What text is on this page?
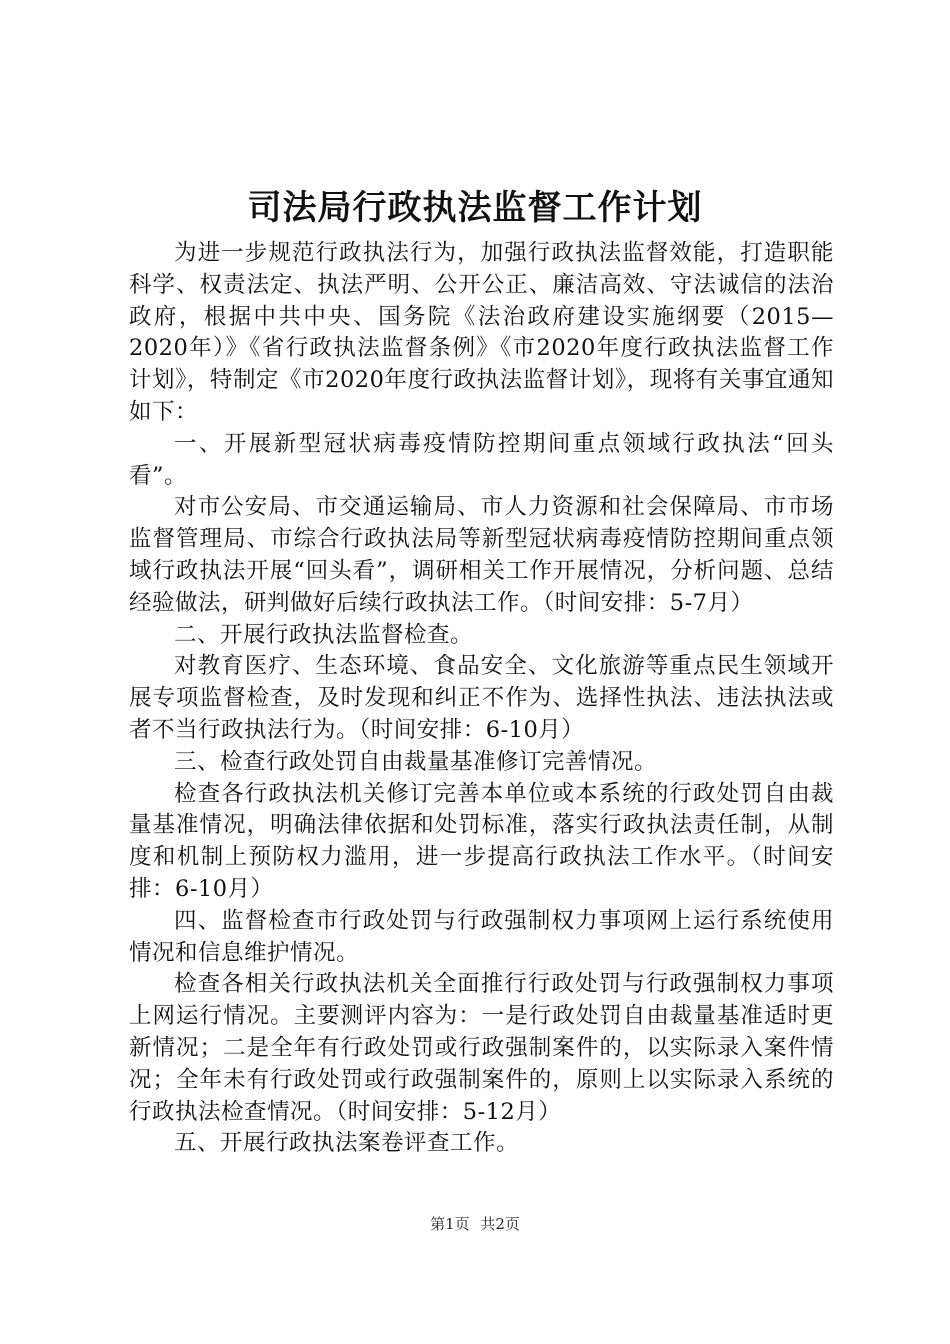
司法局行政执法监督工作计划

为进一步规范行政执法行为，加强行政执法监督效能，打造职能科学、权责法定、执法严明、公开公正、廉洁高效、守法诚信的法治政府，根据中共中央、国务院《法治政府建设实施纲要（2015—2020年）》《省行政执法监督条例》《市2020年度行政执法监督工作计划》，特制定《市2020年度行政执法监督计划》，现将有关事宜通知如下：

一、开展新型冠状病毒疫情防控期间重点领域行政执法“回头看”。

对市公安局、市交通运输局、市人力资源和社会保障局、市市场监督管理局、市综合行政执法局等新型冠状病毒疫情防控期间重点领域行政执法开展“回头看”，调研相关工作开展情况，分析问题、总结经验做法，研判做好后续行政执法工作。（时间安排：5-7月）

二、开展行政执法监督检查。

对教育医疗、生态环境、食品安全、文化旅游等重点民生领域开展专项监督检查，及时发现和纠正不作为、选择性执法、违法执法或者不当行政执法行为。（时间安排：6-10月）

三、检查行政处罚自由裁量基准修订完善情况。

检查各行政执法机关修订完善本单位或本系统的行政处罚自由裁量基准情况，明确法律依据和处罚标准，落实行政执法责任制，从制度和机制上预防权力滥用，进一步提高行政执法工作水平。（时间安排：6-10月）

四、监督检查市行政处罚与行政强制权力事项网上运行系统使用情况和信息维护情况。

检查各相关行政执法机关全面推行行政处罚与行政强制权力事项上网运行情况。主要测评内容为：一是行政处罚自由裁量基准适时更新情况；二是全年有行政处罚或行政强制案件的，以实际录入案件情况；全年未有行政处罚或行政强制案件的，原则上以实际录入系统的行政执法检查情况。（时间安排：5-12月）

五、开展行政执法案卷评查工作。

第1页 共2页
